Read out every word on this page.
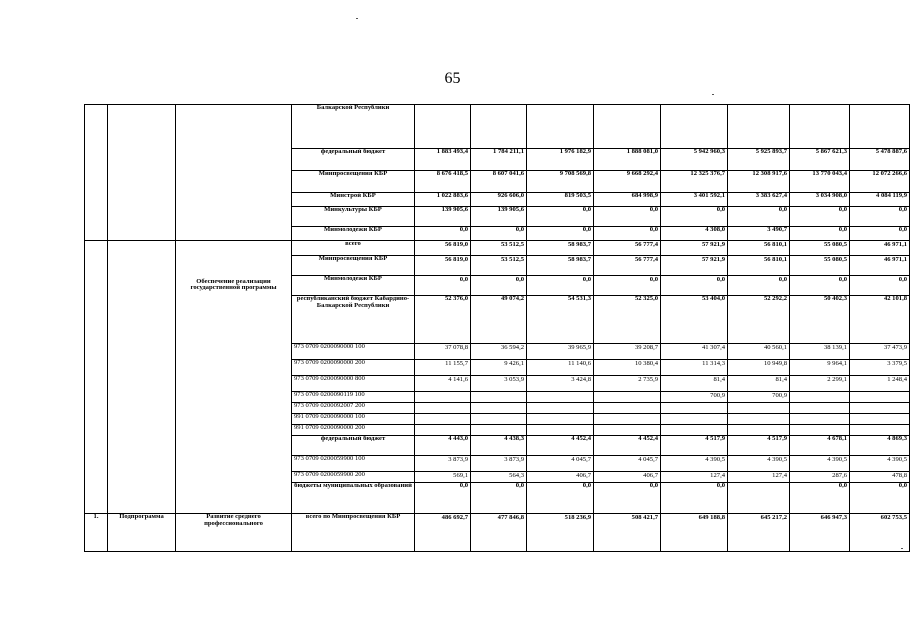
65
			Балкарской Республики									
			федеральный бюджет	1 883 493,4	1 784 211,1	1 976 182,9	1 888 081,0	5 942 960,3	5 925 893,7	5 867 621,3	5 478 887,6	
			Минпросвещения КБР	8 676 418,5	8 607 041,6	9 708 569,8	9 668 292,4	12 325 376,7	12 308 917,6	13 770 043,4	12 072 266,6	
			Минстрой КБР	1 022 883,6	926 606,0	819 503,5	684 998,9	3 401 592,1	3 383 627,4	3 034 908,0	4 084 119,9	
			Минкультуры КБР	139 905,6	139 905,6	0,0	0,0	0,0	0,0	0,0	0,0	
			Минмолодежи КБР	0,0	0,0	0,0	0,0	4 308,0	3 490,7	0,0	0,0	
		Обеспечение реализации государственной программы	всего	56 819,0	53 512,5	58 983,7	56 777,4	57 921,9	56 810,1	55 080,5	46 971,1	
			Минпросвещения КБР	56 819,0	53 512,5	58 983,7	56 777,4	57 921,9	56 810,1	55 080,5	46 971,1	
			Минмолодежи КБР	0,0	0,0	0,0	0,0	0,0	0,0	0,0	0,0	
			республиканский бюджет Кабардино-Балкарской Республики	52 376,0	49 074,2	54 531,3	52 325,0	53 404,0	52 292,2	50 402,3	42 101,8	
			973 0709 0200090000 100	37 078,8	36 594,2	39 965,9	39 208,7	41 307,4	40 560,1	38 139,1	37 473,9	
			973 0709 0200090000 200	11 155,7	9 426,1	11 140,6	10 380,4	11 314,3	10 949,8	9 964,1	3 379,5	
			973 0709 0200090000 800	4 141,6	3 053,9	3 424,8	2 735,9	81,4	81,4	2 299,1	1 248,4	
			973 0709 0200090119 100					700,9	700,9			
			973 0709 0200092007 200									
			991 0709 0200090000 100									
			991 0709 0200090000 200									
			федеральный бюджет	4 443,0	4 438,3	4 452,4	4 452,4	4 517,9	4 517,9	4 678,1	4 869,3	
			973 0709 0200059900 100	3 873,9	3 873,9	4 045,7	4 045,7	4 390,5	4 390,5	4 390,5	4 390,5	
			973 0709 0200059900 200	569,1	564,3	406,7	406,7	127,4	127,4	287,6	478,8	
			бюджеты муниципальных образований	0,0	0,0	0,0	0,0	0,0		0,0	0,0	
1.	Подпрограмма	Развитие среднего профессионального	всего по Минпросвещения КБР	486 692,7	477 846,8	518 236,9	508 421,7	649 188,8	645 217,2	646 947,3	602 753,5	
